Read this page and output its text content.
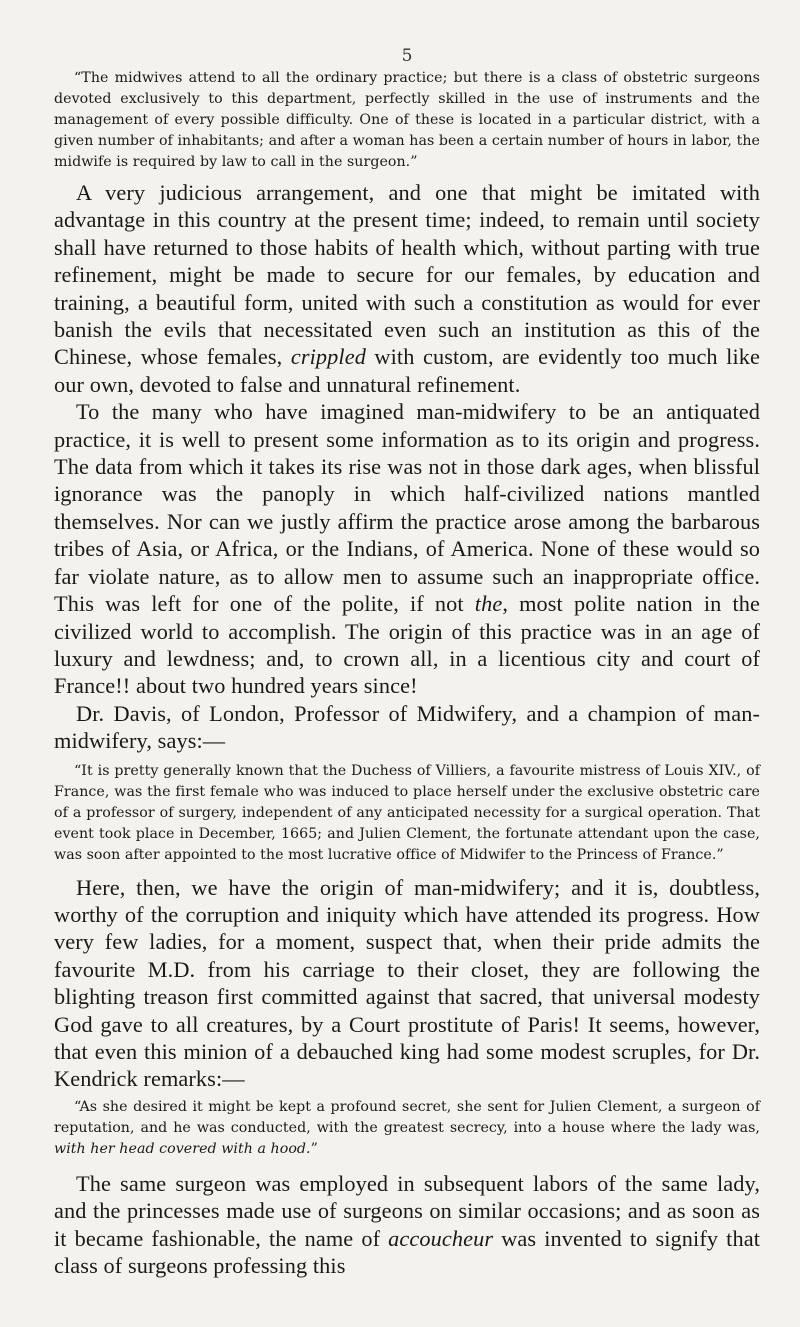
5

“The midwives attend to all the ordinary practice; but there is a class of obstetric surgeons devoted exclusively to this department, perfectly skilled in the use of instruments and the management of every possible difficulty. One of these is located in a particular district, with a given number of inhabitants; and after a woman has been a certain number of hours in labor, the midwife is required by law to call in the surgeon.”

A very judicious arrangement, and one that might be imitated with advantage in this country at the present time; indeed, to remain until society shall have returned to those habits of health which, without parting with true refinement, might be made to secure for our females, by education and training, a beautiful form, united with such a constitution as would for ever banish the evils that necessitated even such an institution as this of the Chinese, whose females, crippled with custom, are evidently too much like our own, devoted to false and unnatural refinement.

To the many who have imagined man-midwifery to be an antiquated practice, it is well to present some information as to its origin and progress. The data from which it takes its rise was not in those dark ages, when blissful ignorance was the panoply in which half-civilized nations mantled themselves. Nor can we justly affirm the practice arose among the barbarous tribes of Asia, or Africa, or the Indians, of America. None of these would so far violate nature, as to allow men to assume such an inappropriate office. This was left for one of the polite, if not the, most polite nation in the civilized world to accomplish. The origin of this practice was in an age of luxury and lewdness; and, to crown all, in a licentious city and court of France!! about two hundred years since!

Dr. Davis, of London, Professor of Midwifery, and a champion of man-midwifery, says:—

“It is pretty generally known that the Duchess of Villiers, a favourite mistress of Louis XIV., of France, was the first female who was induced to place herself under the exclusive obstetric care of a professor of surgery, independent of any anticipated necessity for a surgical operation. That event took place in December, 1665; and Julien Clement, the fortunate attendant upon the case, was soon after appointed to the most lucrative office of Midwifer to the Princess of France.”

Here, then, we have the origin of man-midwifery; and it is, doubtless, worthy of the corruption and iniquity which have attended its progress. How very few ladies, for a moment, suspect that, when their pride admits the favourite M.D. from his carriage to their closet, they are following the blighting treason first committed against that sacred, that universal modesty God gave to all creatures, by a Court prostitute of Paris! It seems, however, that even this minion of a debauched king had some modest scruples, for Dr. Kendrick remarks:—

“As she desired it might be kept a profound secret, she sent for Julien Clement, a surgeon of reputation, and he was conducted, with the greatest secrecy, into a house where the lady was, with her head covered with a hood.”

The same surgeon was employed in subsequent labors of the same lady, and the princesses made use of surgeons on similar occasions; and as soon as it became fashionable, the name of accoucheur was invented to signify that class of surgeons professing this
